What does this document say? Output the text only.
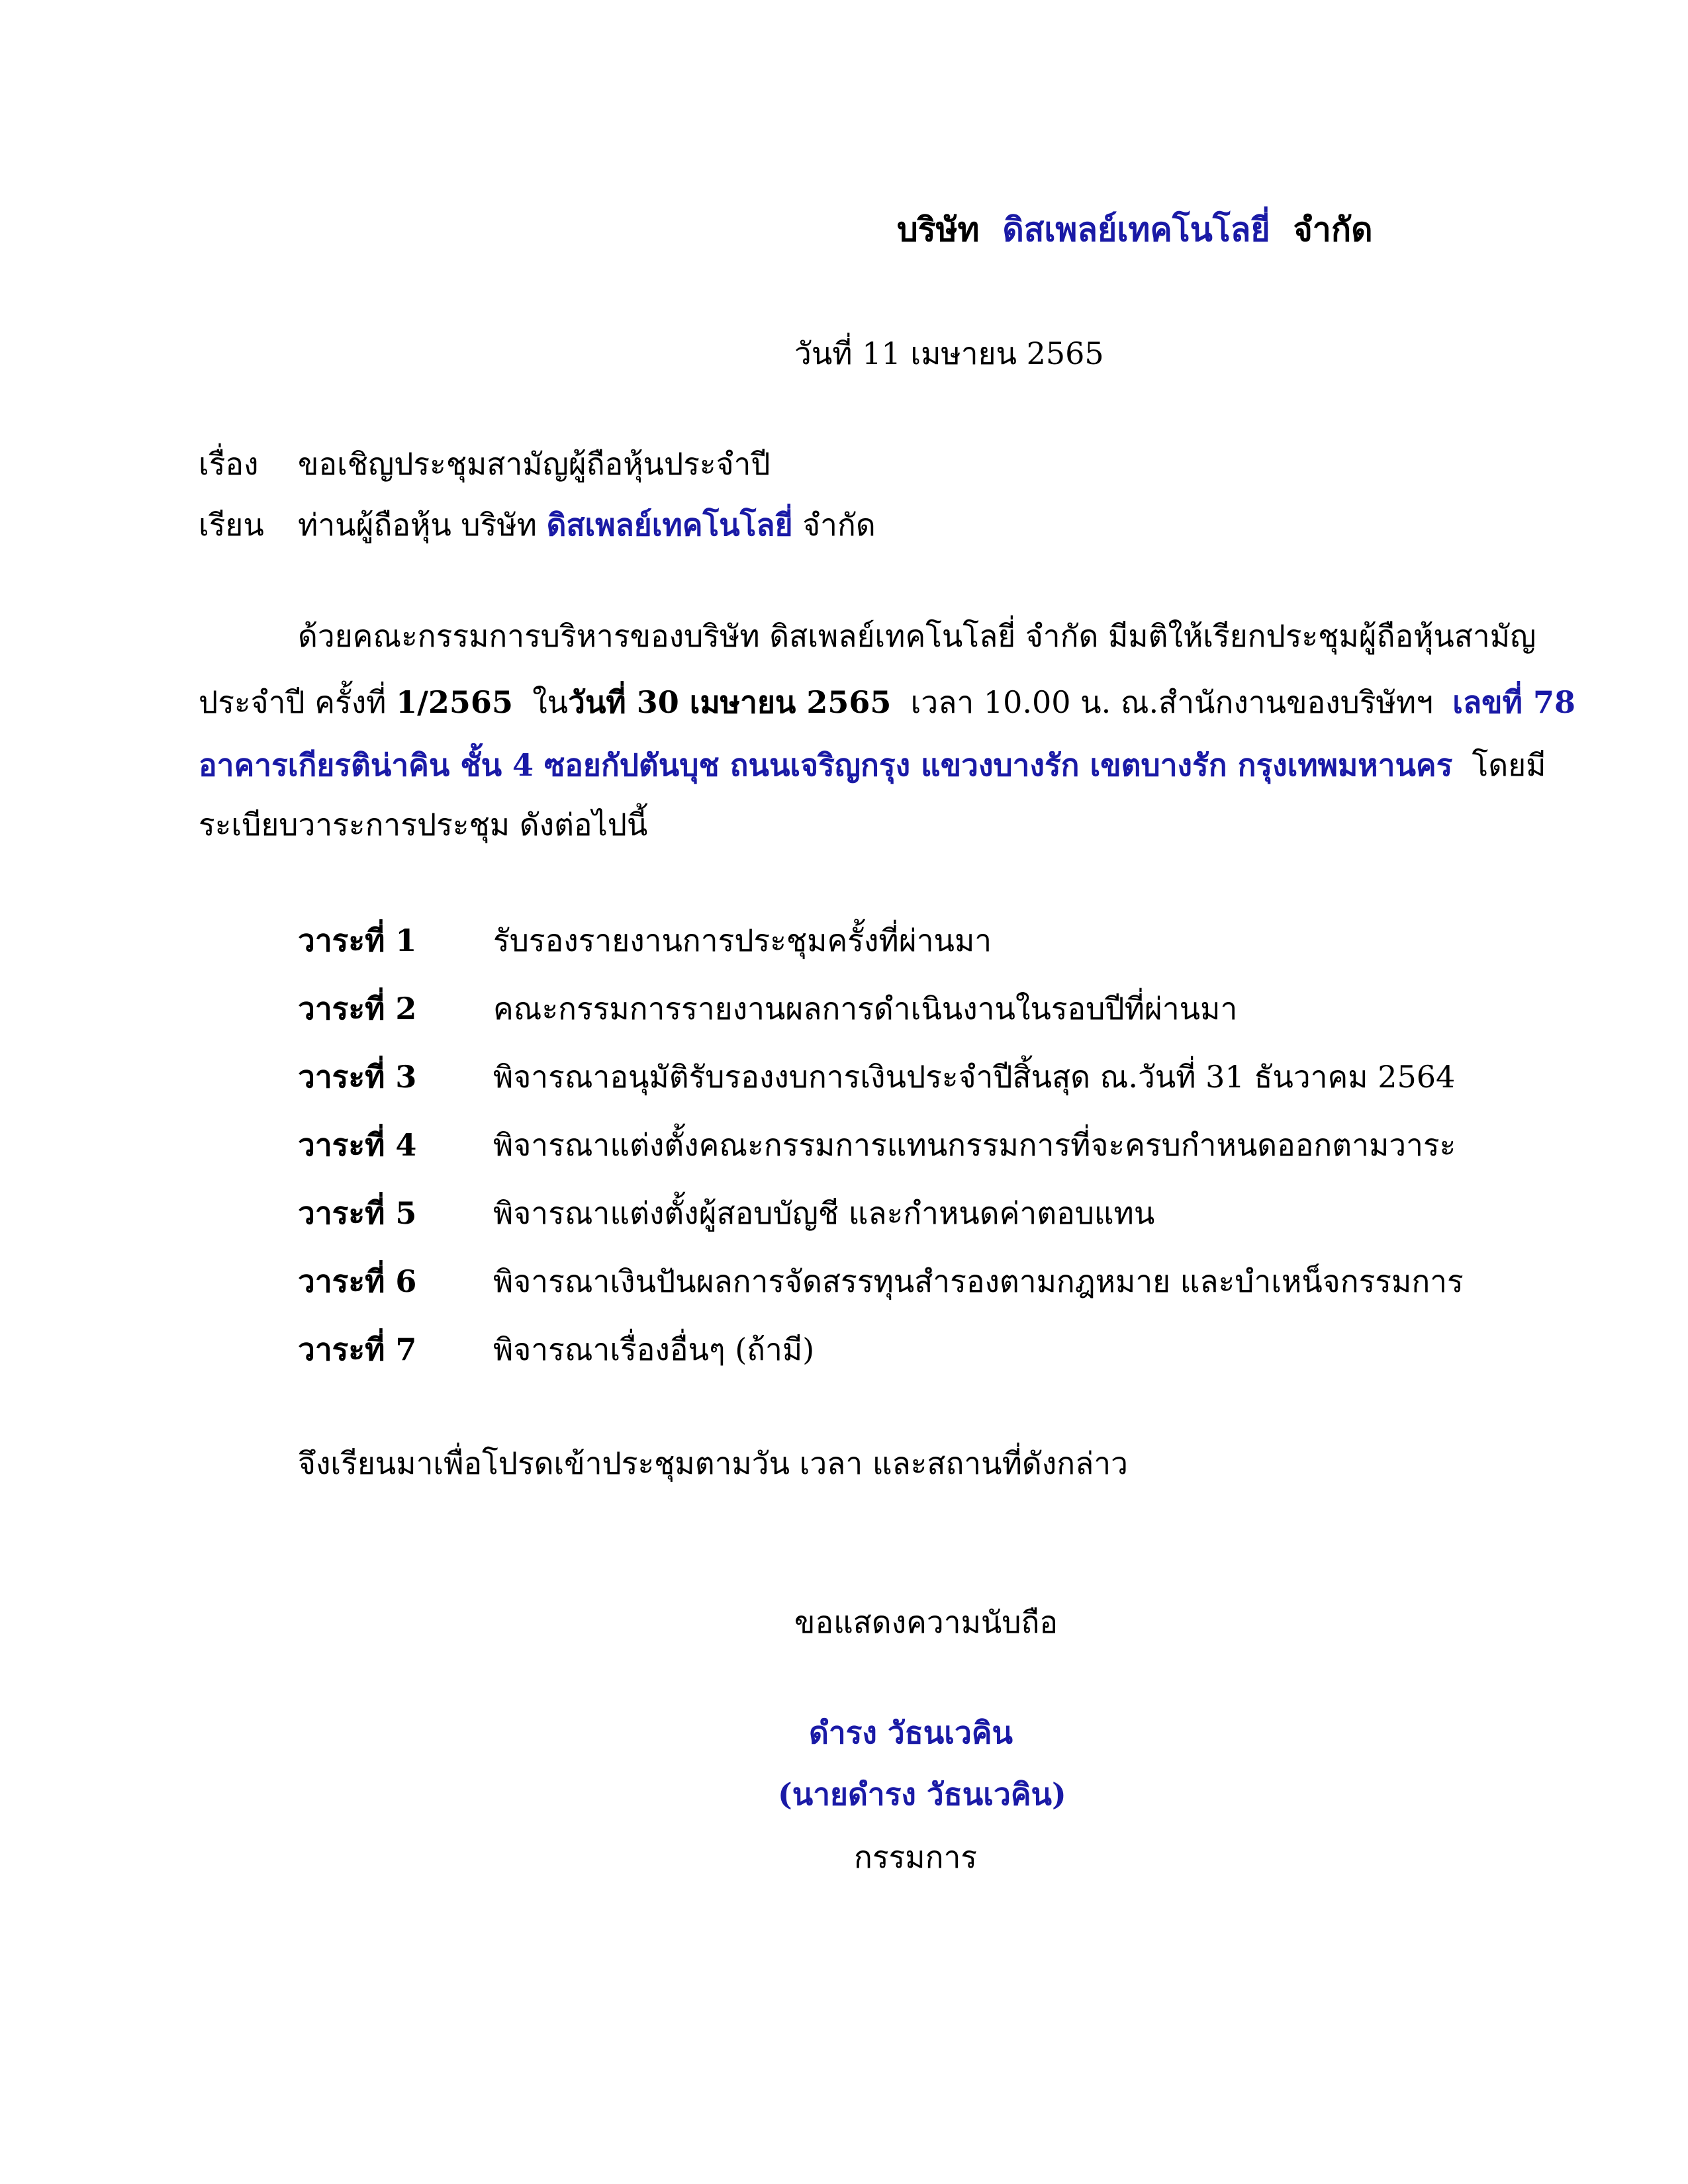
บริษัท ดิสเพลย์เทคโนโลยี่ จำกัด
วันที่ 11 เมษายน 2565
เรื่อง ขอเชิญประชุมสามัญผู้ถือหุ้นประจำปี
เรียน ท่านผู้ถือหุ้น บริษัท ดิสเพลย์เทคโนโลยี่ จำกัด
ด้วยคณะกรรมการบริหารของบริษัท ดิสเพลย์เทคโนโลยี่ จำกัด มีมติให้เรียกประชุมผู้ถือหุ้นสามัญ
ประจำปี ครั้งที่ 1/2565 ในวันที่ 30 เมษายน 2565 เวลา 10.00 น. ณ.สำนักงานของบริษัทฯ เลขที่ 78
อาคารเกียรติน่าคิน ชั้น 4 ซอยกัปตันบุช ถนนเจริญกรุง แขวงบางรัก เขตบางรัก กรุงเทพมหานคร โดยมี
ระเบียบวาระการประชุม ดังต่อไปนี้
วาระที่ 1	รับรองรายงานการประชุมครั้งที่ผ่านมา
วาระที่ 2	คณะกรรมการรายงานผลการดำเนินงานในรอบปีที่ผ่านมา
วาระที่ 3	พิจารณาอนุมัติรับรองงบการเงินประจำปีสิ้นสุด ณ.วันที่ 31 ธันวาคม 2564
วาระที่ 4	พิจารณาแต่งตั้งคณะกรรมการแทนกรรมการที่จะครบกำหนดออกตามวาระ
วาระที่ 5	พิจารณาแต่งตั้งผู้สอบบัญชี และกำหนดค่าตอบแทน
วาระที่ 6	พิจารณาเงินปันผลการจัดสรรทุนสำรองตามกฎหมาย และบำเหน็จกรรมการ
วาระที่ 7	พิจารณาเรื่องอื่นๆ (ถ้ามี)
จึงเรียนมาเพื่อโปรดเข้าประชุมตามวัน เวลา และสถานที่ดังกล่าว
ขอแสดงความนับถือ
ดำรง วัธนเวคิน
(นายดำรง วัธนเวคิน)
กรรมการ
